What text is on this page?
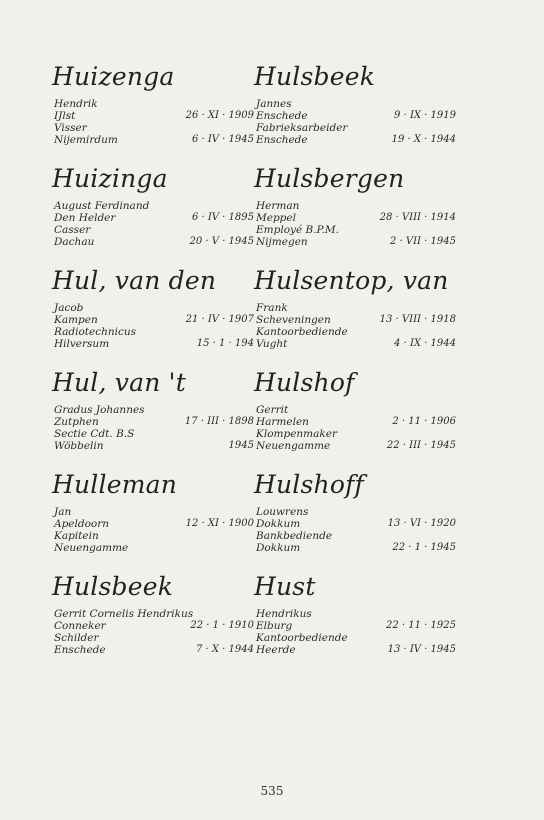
Huizenga
Hendrik
IJlst	26 · XI · 1909
Visser
Nijemirdum	6 · IV · 1945
Huizinga
August Ferdinand
Den Helder	6 · IV · 1895
Casser
Dachau	20 · V · 1945
Hul, van den
Jacob
Kampen	21 · IV · 1907
Radiotechnicus
Hilversum	15 · 1 · 194
Hul, van 't
Gradus Johannes
Zutphen	17 · III · 1898
Sectie Cdt. B.S
Wöbbelin	1945
Hulleman
Jan
Apeldoorn	12 · XI · 1900
Kapitein
Neuengamme
Hulsbeek
Gerrit Cornelis Hendrikus
Conneker	22 · 1 · 1910
Schilder
Enschede	7 · X · 1944
Hulsbeek
Jannes
Enschede	9 · IX · 1919
Fabrieksarbeider
Enschede	19 · X · 1944
Hulsbergen
Herman
Meppel	28 · VIII · 1914
Employé B.P.M.
Nijmegen	2 · VII · 1945
Hulsentop, van
Frank
Scheveningen	13 · VIII · 1918
Kantoorbediende
Vught	4 · IX · 1944
Hulshof
Gerrit
Harmelen	2 · 11 · 1906
Klompenmaker
Neuengamme	22 · III · 1945
Hulshoff
Louwrens
Dokkum	13 · VI · 1920
Bankbediende
Dokkum	22 · 1 · 1945
Hust
Hendrikus
Elburg	22 · 11 · 1925
Kantoorbediende
Heerde	13 · IV · 1945
535
